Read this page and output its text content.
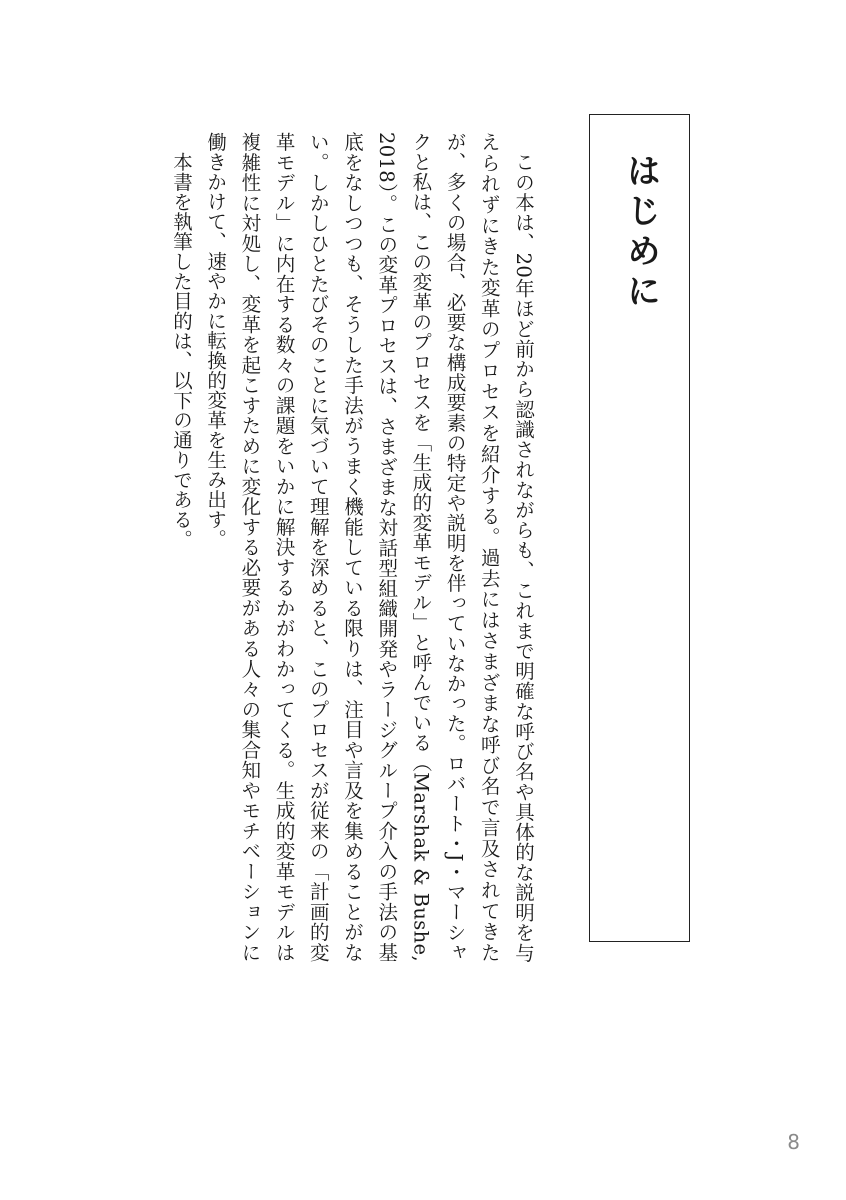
はじめに

この本は、20年ほど前から認識されながらも、これまで明確な呼び名や具体的な説明を与えられずにきた変革のプロセスを紹介する。過去にはさまざまな呼び名で言及されてきたが、多くの場合、必要な構成要素の特定や説明を伴っていなかった。ロバート・J・マーシャクと私は、この変革のプロセスを「生成的変革モデル」と呼んでいる（Marshak & Bushe, 2018）。この変革プロセスは、さまざまな対話型組織開発やラージグループ介入の手法の基底をなしつつも、そうした手法がうまく機能している限りは、注目や言及を集めることがない。しかしひとたびそのことに気づいて理解を深めると、このプロセスが従来の「計画的変革モデル」に内在する数々の課題をいかに解決するかがわかってくる。生成的変革モデルは複雑性に対処し、変革を起こすために変化する必要がある人々の集合知やモチベーションに働きかけて、速やかに転換的変革を生み出す。

本書を執筆した目的は、以下の通りである。

8
